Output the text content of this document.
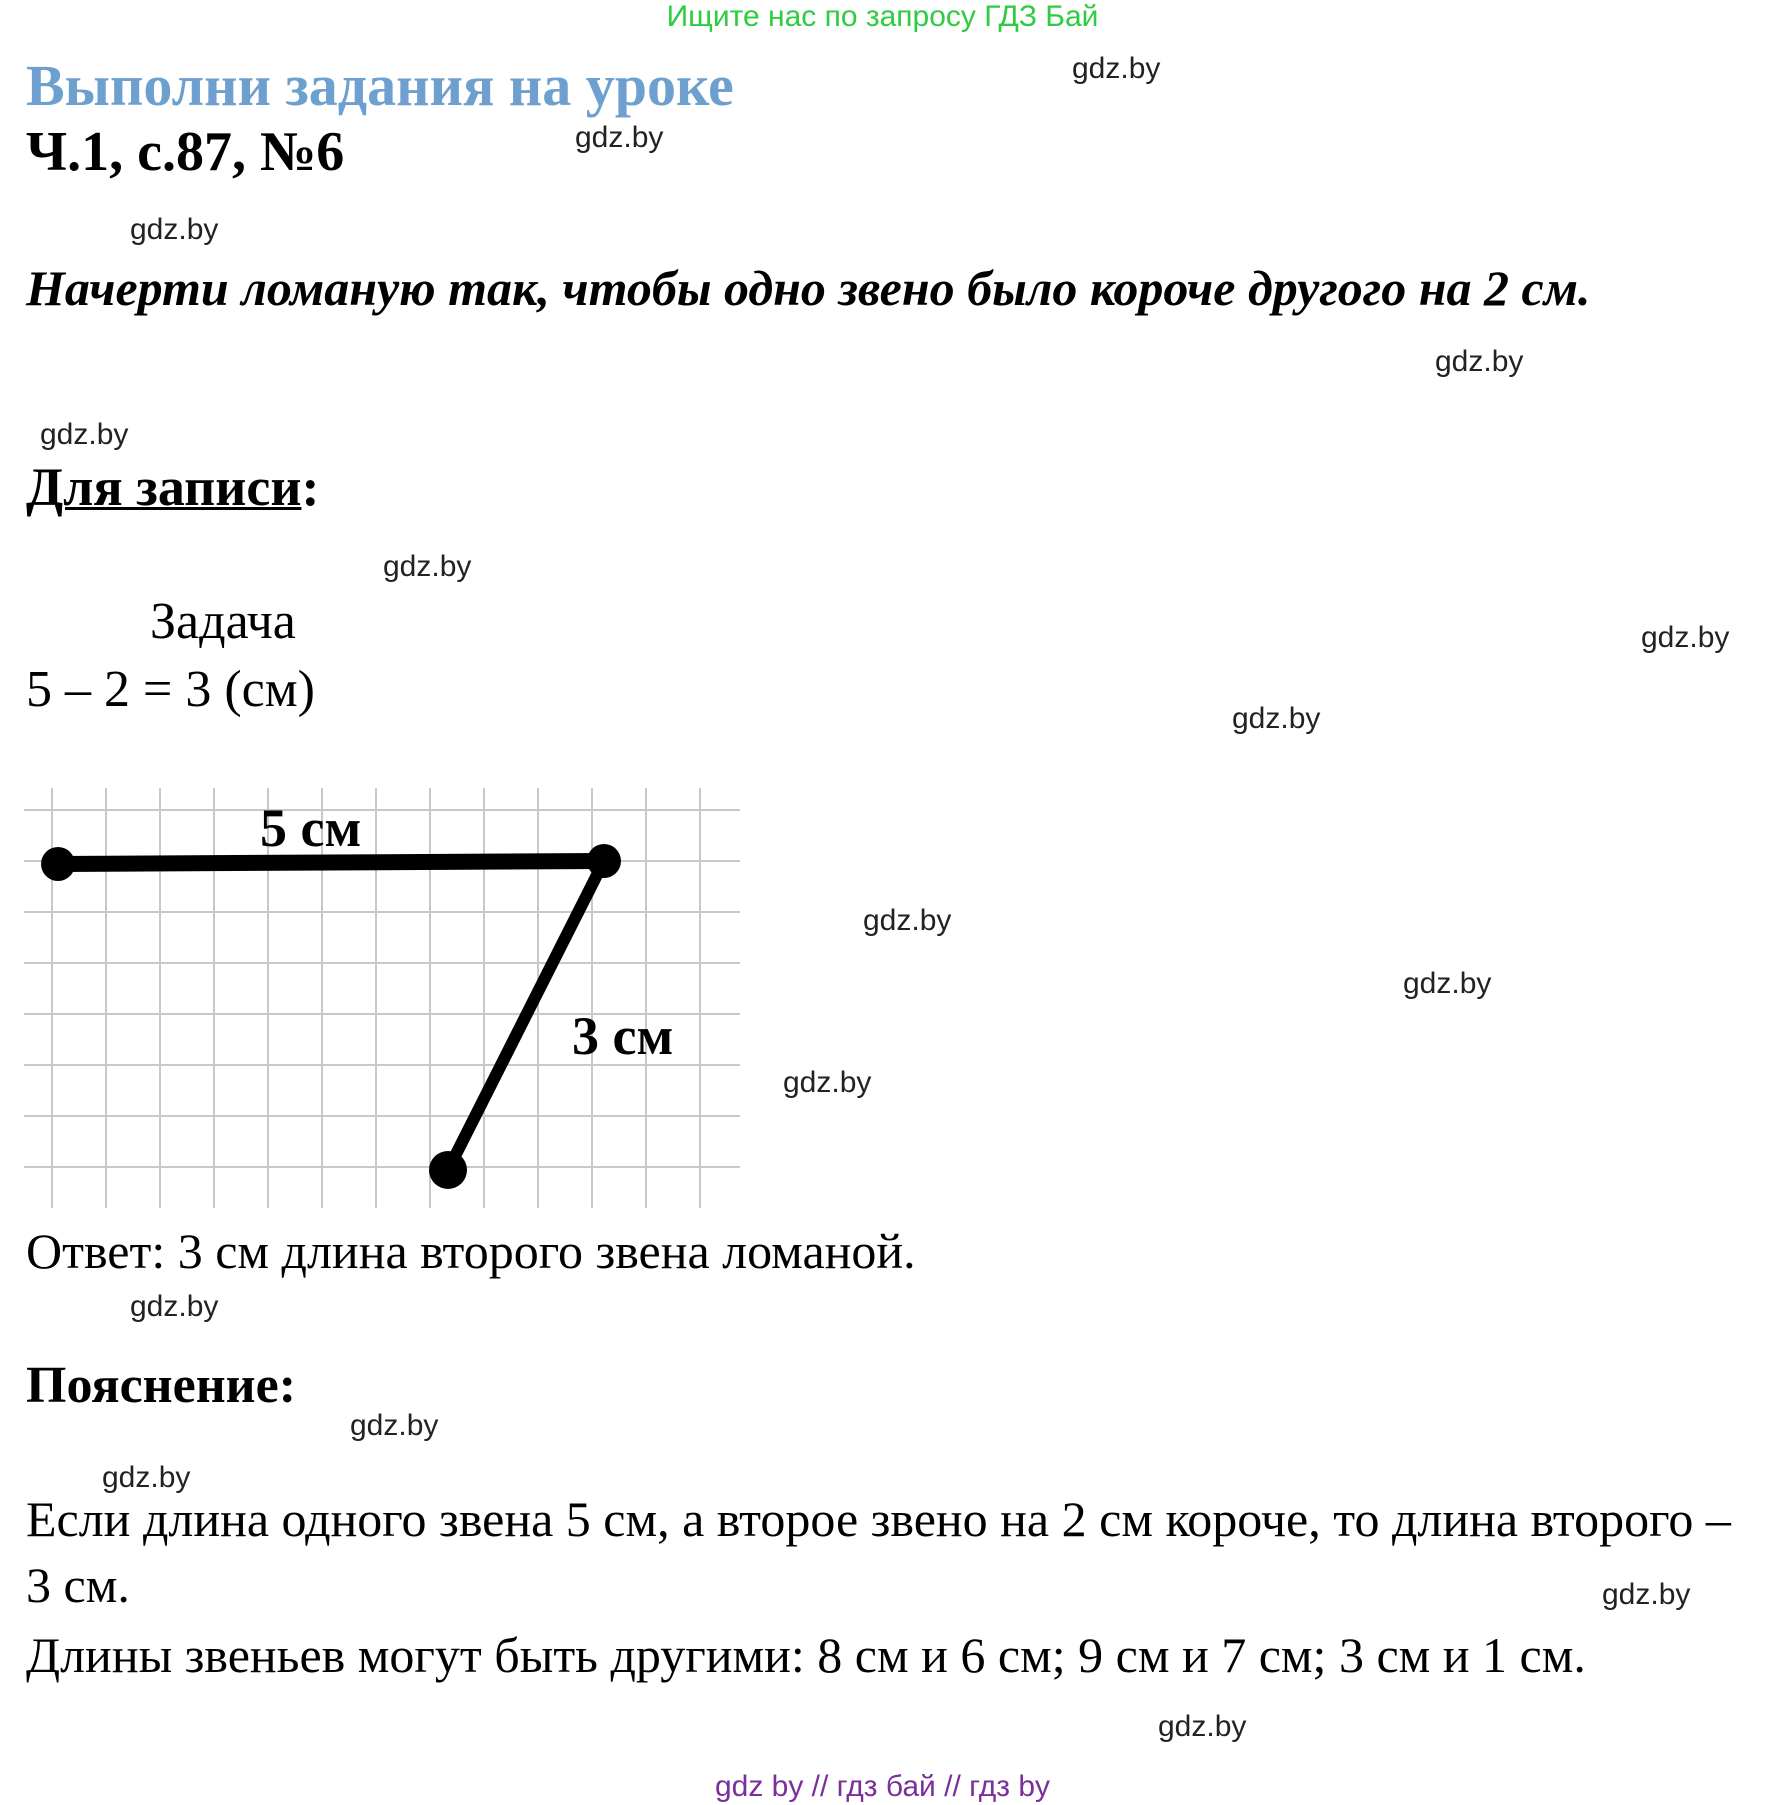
Ищите нас по запросу ГДЗ Бай
Выполни задания на уроке
Ч.1, с.87, №6
Начерти ломаную так, чтобы одно звено было короче другого на 2 см.
Для записи:
Задача
5 – 2 = 3 (см)
5 см
3 см
Ответ: 3 см длина второго звена ломаной.
Пояснение:
Если длина одного звена 5 см, а второе звено на 2 см короче, то длина второго – 3 см.
Длины звеньев могут быть другими: 8 см и 6 см; 9 см и 7 см; 3 см и 1 см.
gdz.by
gdz.by
gdz.by
gdz.by
gdz.by
gdz.by
gdz.by
gdz.by
gdz.by
gdz.by
gdz.by
gdz.by
gdz.by
gdz.by
gdz.by
gdz.by
gdz by // гдз бай // гдз by
